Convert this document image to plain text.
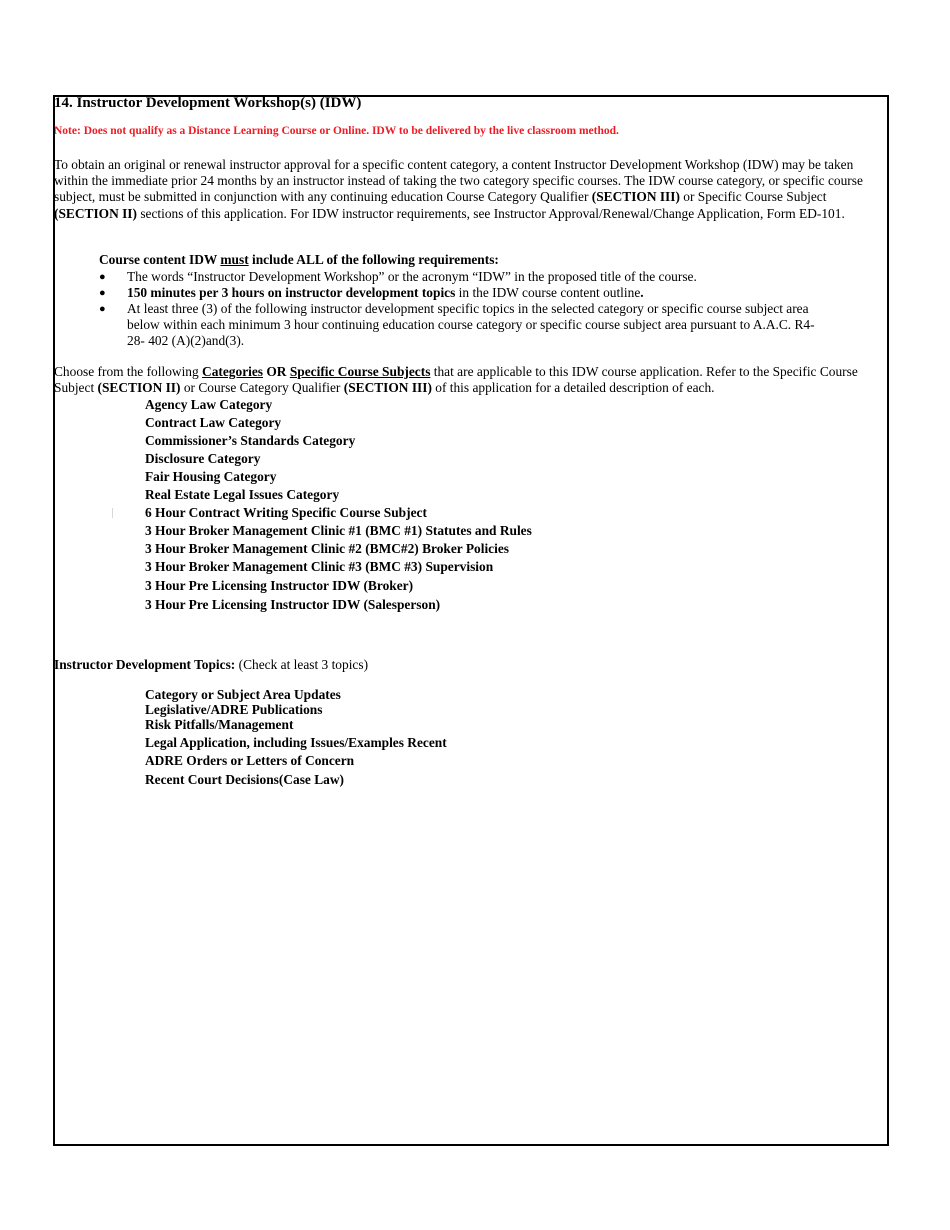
14. Instructor Development Workshop(s) (IDW)
Note: Does not qualify as a Distance Learning Course or Online. IDW to be delivered by the live classroom method.
To obtain an original or renewal instructor approval for a specific content category, a content Instructor Development Workshop (IDW) may be taken within the immediate prior 24 months by an instructor instead of taking the two category specific courses. The IDW course category, or specific course subject, must be submitted in conjunction with any continuing education Course Category Qualifier (SECTION III) or Specific Course Subject (SECTION II) sections of this application. For IDW instructor requirements, see Instructor Approval/Renewal/Change Application, Form ED-101.
Course content IDW must include ALL of the following requirements:
● The words “Instructor Development Workshop” or the acronym “IDW” in the proposed title of the course.
● 150 minutes per 3 hours on instructor development topics in the IDW course content outline.
● At least three (3) of the following instructor development specific topics in the selected category or specific course subject area below within each minimum 3 hour continuing education course category or specific course subject area pursuant to A.A.C. R4-28- 402 (A)(2)and(3).
Choose from the following Categories OR Specific Course Subjects that are applicable to this IDW course application. Refer to the Specific Course Subject (SECTION II) or Course Category Qualifier (SECTION III) of this application for a detailed description of each.
Agency Law Category
Contract Law Category
Commissioner’s Standards Category
Disclosure Category
Fair Housing Category
Real Estate Legal Issues Category
6 Hour Contract Writing Specific Course Subject
3 Hour Broker Management Clinic #1 (BMC #1) Statutes and Rules
3 Hour Broker Management Clinic #2 (BMC#2) Broker Policies
3 Hour Broker Management Clinic #3 (BMC #3) Supervision
3 Hour Pre Licensing Instructor IDW (Broker)
3 Hour Pre Licensing Instructor IDW (Salesperson)
Instructor Development Topics: (Check at least 3 topics)
Category or Subject Area Updates
Legislative/ADRE Publications
Risk Pitfalls/Management
Legal Application, including Issues/Examples Recent
ADRE Orders or Letters of Concern
Recent Court Decisions(Case Law)
